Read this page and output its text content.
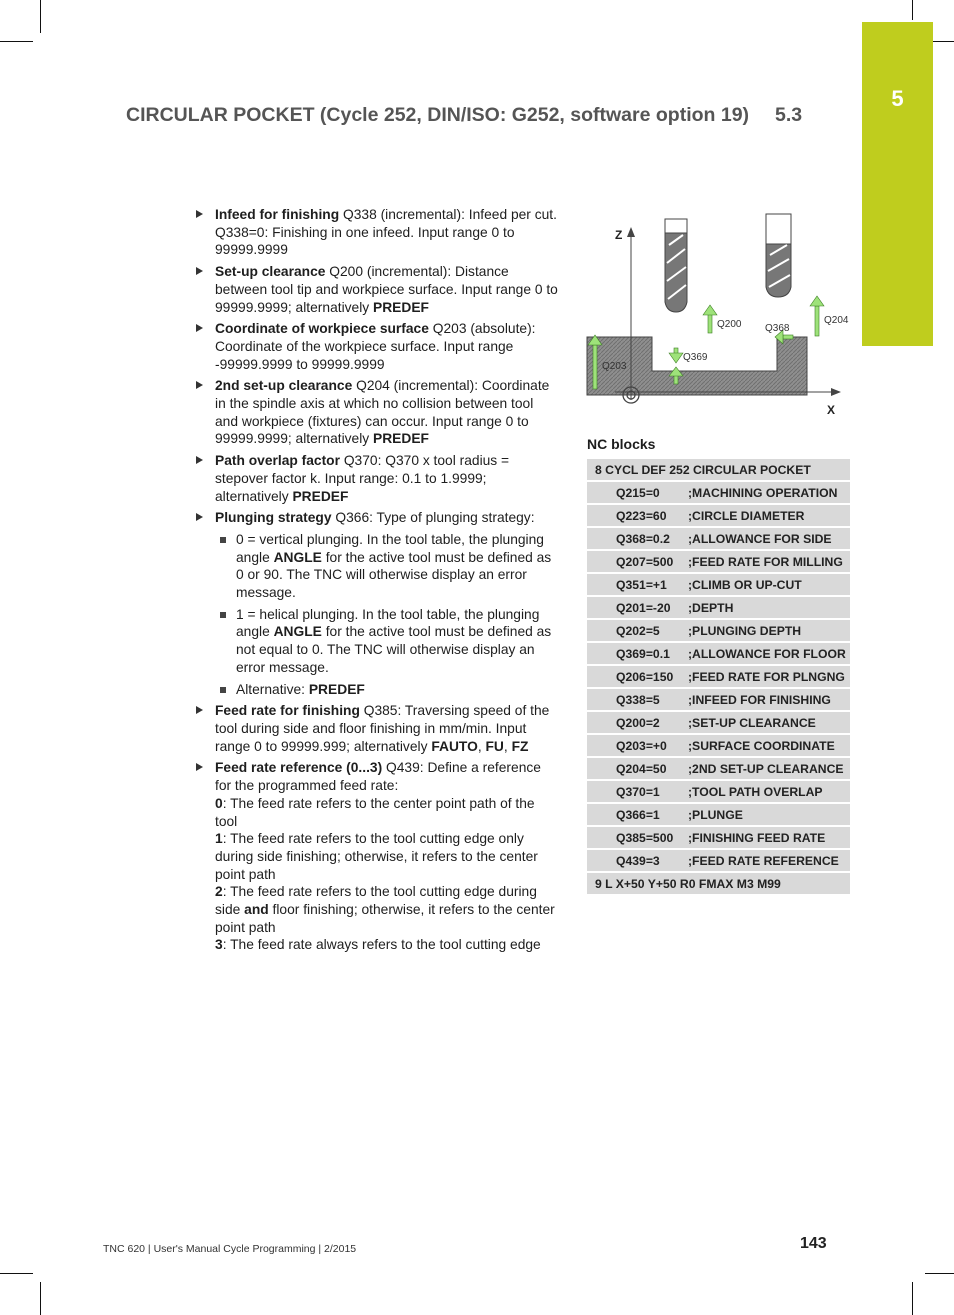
5
CIRCULAR POCKET (Cycle 252, DIN/ISO: G252, software option 19) 5.3
Infeed for finishing Q338 (incremental): Infeed per cut. Q338=0: Finishing in one infeed. Input range 0 to 99999.9999
Set-up clearance Q200 (incremental): Distance between tool tip and workpiece surface. Input range 0 to 99999.9999; alternatively PREDEF
Coordinate of workpiece surface Q203 (absolute): Coordinate of the workpiece surface. Input range -99999.9999 to 99999.9999
2nd set-up clearance Q204 (incremental): Coordinate in the spindle axis at which no collision between tool and workpiece (fixtures) can occur. Input range 0 to 99999.9999; alternatively PREDEF
Path overlap factor Q370: Q370 x tool radius = stepover factor k. Input range: 0.1 to 1.9999; alternatively PREDEF
Plunging strategy Q366: Type of plunging strategy:
0 = vertical plunging. In the tool table, the plunging angle ANGLE for the active tool must be defined as 0 or 90. The TNC will otherwise display an error message.
1 = helical plunging. In the tool table, the plunging angle ANGLE for the active tool must be defined as not equal to 0. The TNC will otherwise display an error message.
Alternative: PREDEF
Feed rate for finishing Q385: Traversing speed of the tool during side and floor finishing in mm/min. Input range 0 to 99999.999; alternatively FAUTO, FU, FZ
Feed rate reference (0...3) Q439: Define a reference for the programmed feed rate:
0: The feed rate refers to the center point path of the tool
1: The feed rate refers to the tool cutting edge only during side finishing; otherwise, it refers to the center point path
2: The feed rate refers to the tool cutting edge during side and floor finishing; otherwise, it refers to the center point path
3: The feed rate always refers to the tool cutting edge
Z
X
Q200 Q368
Q204
Q203
Q369
NC blocks
8 CYCL DEF 252 CIRCULAR POCKET
Q215=0	;MACHINING OPERATION
Q223=60	;CIRCLE DIAMETER
Q368=0.2	;ALLOWANCE FOR SIDE
Q207=500	;FEED RATE FOR MILLING
Q351=+1	;CLIMB OR UP-CUT
Q201=-20	;DEPTH
Q202=5	;PLUNGING DEPTH
Q369=0.1	;ALLOWANCE FOR FLOOR
Q206=150	;FEED RATE FOR PLNGNG
Q338=5	;INFEED FOR FINISHING
Q200=2	;SET-UP CLEARANCE
Q203=+0	;SURFACE COORDINATE
Q204=50	;2ND SET-UP CLEARANCE
Q370=1	;TOOL PATH OVERLAP
Q366=1	;PLUNGE
Q385=500	;FINISHING FEED RATE
Q439=3	;FEED RATE REFERENCE
9 L X+50 Y+50 R0 FMAX M3 M99
TNC 620 | User's Manual Cycle Programming | 2/2015	143
